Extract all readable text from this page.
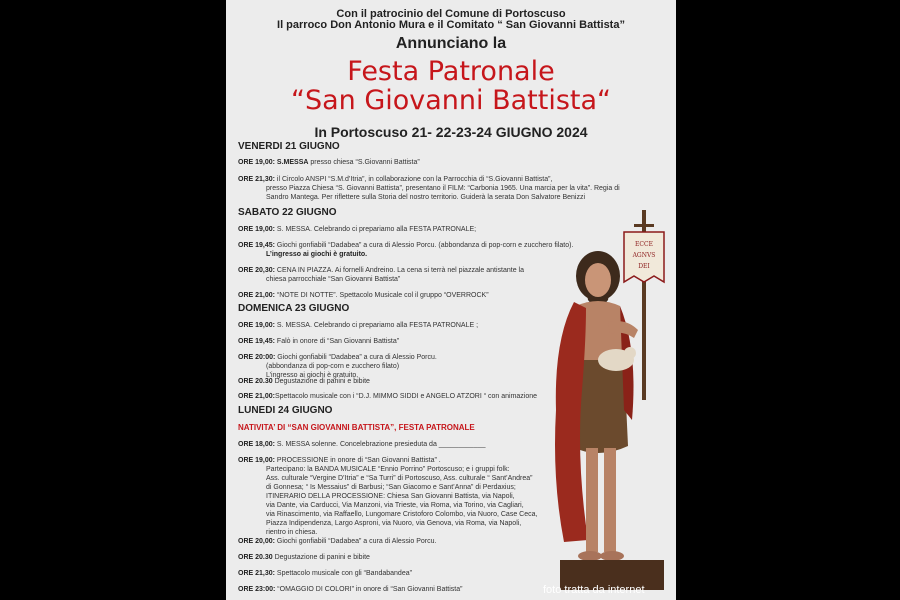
Con il patrocinio del Comune di Portoscuso
Il parroco Don Antonio Mura e il Comitato “ San Giovanni Battista”
Annunciano la
Festa Patronale
“San Giovanni Battista“
In Portoscuso 21- 22-23-24 GIUGNO 2024
VENERDI 21 GIUGNO
ORE 19,00: S.MESSA presso chiesa “S.Giovanni Battista”
ORE 21,30: il Circolo ANSPI “S.M.d’Itria”, in collaborazione con la Parrocchia di “S.Giovanni Battista”,
presso Piazza Chiesa “S. Giovanni Battista”, presentano il FILM: “Carbonia 1965. Una marcia per la vita”. Regia di
Sandro Mantega. Per riflettere sulla Storia del nostro territorio. Guiderà la serata Don Salvatore Benizzi
SABATO 22 GIUGNO
ORE 19,00: S. MESSA. Celebrando ci prepariamo alla FESTA PATRONALE;
ORE 19,45: Giochi gonfiabili “Dadabea” a cura di Alessio Porcu. (abbondanza di pop-corn e zucchero filato).
L’ingresso ai giochi è gratuito.
ORE 20,30: CENA IN PIAZZA. Ai fornelli Andreino. La cena si terrà nel piazzale antistante la
chiesa parrocchiale “San Giovanni Battista”
ORE 21,00: “NOTE DI NOTTE”. Spettacolo Musicale col il gruppo “OVERROCK”
DOMENICA 23 GIUGNO
ORE 19,00: S. MESSA. Celebrando ci prepariamo alla FESTA PATRONALE ;
ORE 19,45: Falò in onore di “San Giovanni Battista”
ORE 20:00: Giochi gonfiabili “Dadabea” a cura di Alessio Porcu.
(abbondanza di pop-corn e zucchero filato)
L’ingresso ai giochi è gratuito.
ORE 20.30 Degustazione di panini e bibite
ORE 21,00:Spettacolo musicale con i “D.J. MIMMO SIDDI e ANGELO ATZORI “ con animazione
LUNEDI 24 GIUGNO
NATIVITA’ DI “SAN GIOVANNI BATTISTA”, FESTA PATRONALE
ORE 18,00: S. MESSA solenne. Concelebrazione presieduta da ____________
ORE 19,00: PROCESSIONE in onore di “San Giovanni Battista” .
Partecipano: la BANDA MUSICALE “Ennio Porrino” Portoscuso; e i gruppi folk:
Ass. culturale “Vergine D’Itria” e “Sa Turri” di Portoscuso, Ass. culturale “ Sant’Andrea”
di Gonnesa; “ Is Messaius” di Barbusi; “San Giacomo e Sant’Anna” di Perdaxius;
ITINERARIO DELLA PROCESSIONE: Chiesa San Giovanni Battista, via Napoli,
via Dante, via Carducci, Via Manzoni, via Trieste, via Roma, via Torino, via Cagliari,
via Rinascimento, via Raffaello, Lungomare Cristoforo Colombo, via Nuoro, Case Ceca,
Piazza Indipendenza, Largo Asproni, via Nuoro, via Genova, via Roma, via Napoli,
rientro in chiesa.
ORE 20,00: Giochi gonfiabili “Dadabea” a cura di Alessio Porcu.
ORE 20.30 Degustazione di panini e bibite
ORE 21,30: Spettacolo musicale con gli “Bandabandea”
ORE 23:00: “OMAGGIO DI COLORI” in onore di “San Giovanni Battista”
ECCE
AGNVS
DEI
foto tratta da internet
